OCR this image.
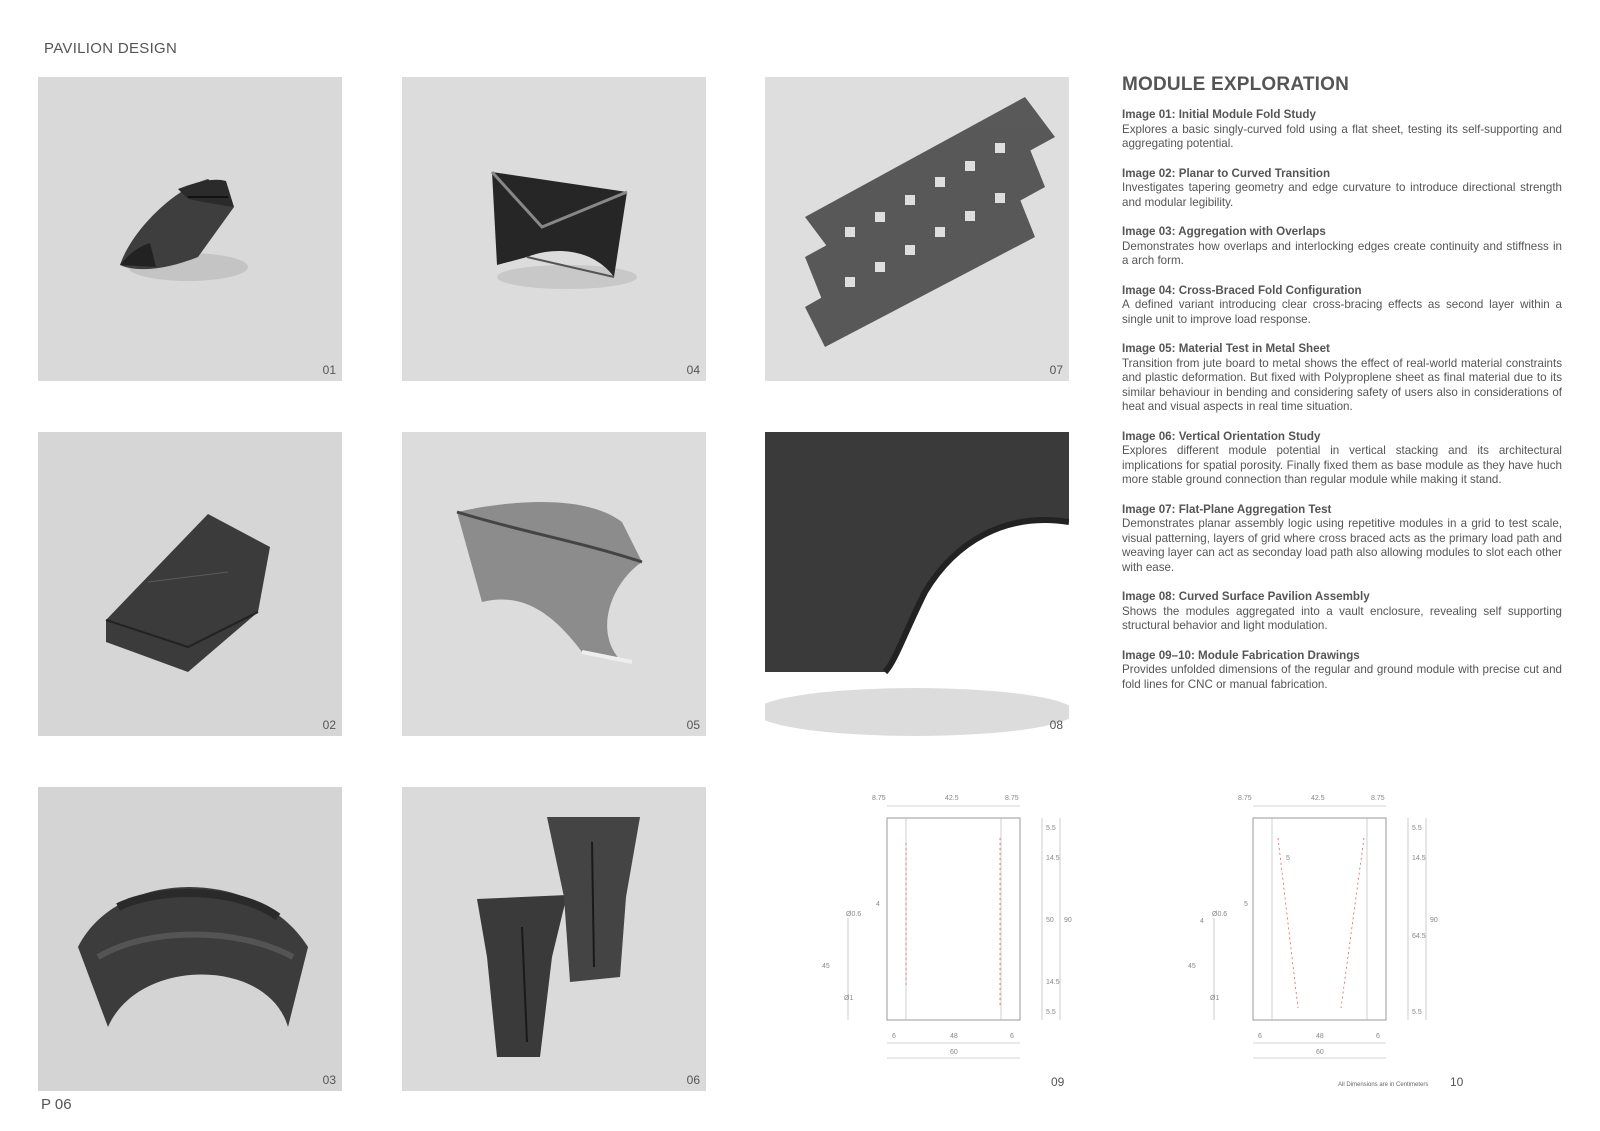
PAVILION DESIGN
P 06
01	04	07
02	05	08
03	06
8.75	42.5	8.75
5.5
14.5
50
14.5
5.5
90
Ø0.6
4
45
Ø1
6	48	6
60
09
8.75	42.5	8.75
5.5
14.5
64.5
5.5
90
Ø0.6
5
4
5
45
Ø1
6	48	6
60
10
All Dimensions are in Centimeters
MODULE EXPLORATION
Image 01: Initial Module Fold Study
Explores a basic singly-curved fold using a flat sheet, testing its self-supporting and aggregating potential.
Image 02: Planar to Curved Transition
Investigates tapering geometry and edge curvature to introduce directional strength and modular legibility.
Image 03: Aggregation with Overlaps
Demonstrates how overlaps and interlocking edges create continuity and stiffness in a arch form.
Image 04: Cross-Braced Fold Configuration
A defined variant introducing clear cross-bracing effects as second layer within a single unit to improve load response.
Image 05: Material Test in Metal Sheet
Transition from jute board to metal shows the effect of real-world material constraints and plastic deformation. But fixed with Polyproplene sheet as final material due to its similar behaviour in bending and considering safety of users also in considerations of heat and visual aspects in real time situation.
Image 06: Vertical Orientation Study
Explores different module potential in vertical stacking and its architectural implications for spatial porosity. Finally fixed them as base module as they have huch more stable ground connection than regular module while making it stand.
Image 07: Flat-Plane Aggregation Test
Demonstrates planar assembly logic using repetitive modules in a grid to test scale, visual patterning, layers of grid where cross braced acts as the primary load path and weaving layer can act as seconday load path also allowing modules to slot each other with ease.
Image 08: Curved Surface Pavilion Assembly
Shows the modules aggregated into a vault enclosure, revealing self supporting structural behavior and light modulation.
Image 09–10: Module Fabrication Drawings
Provides unfolded dimensions of the regular and ground module with precise cut and fold lines for CNC or manual fabrication.
